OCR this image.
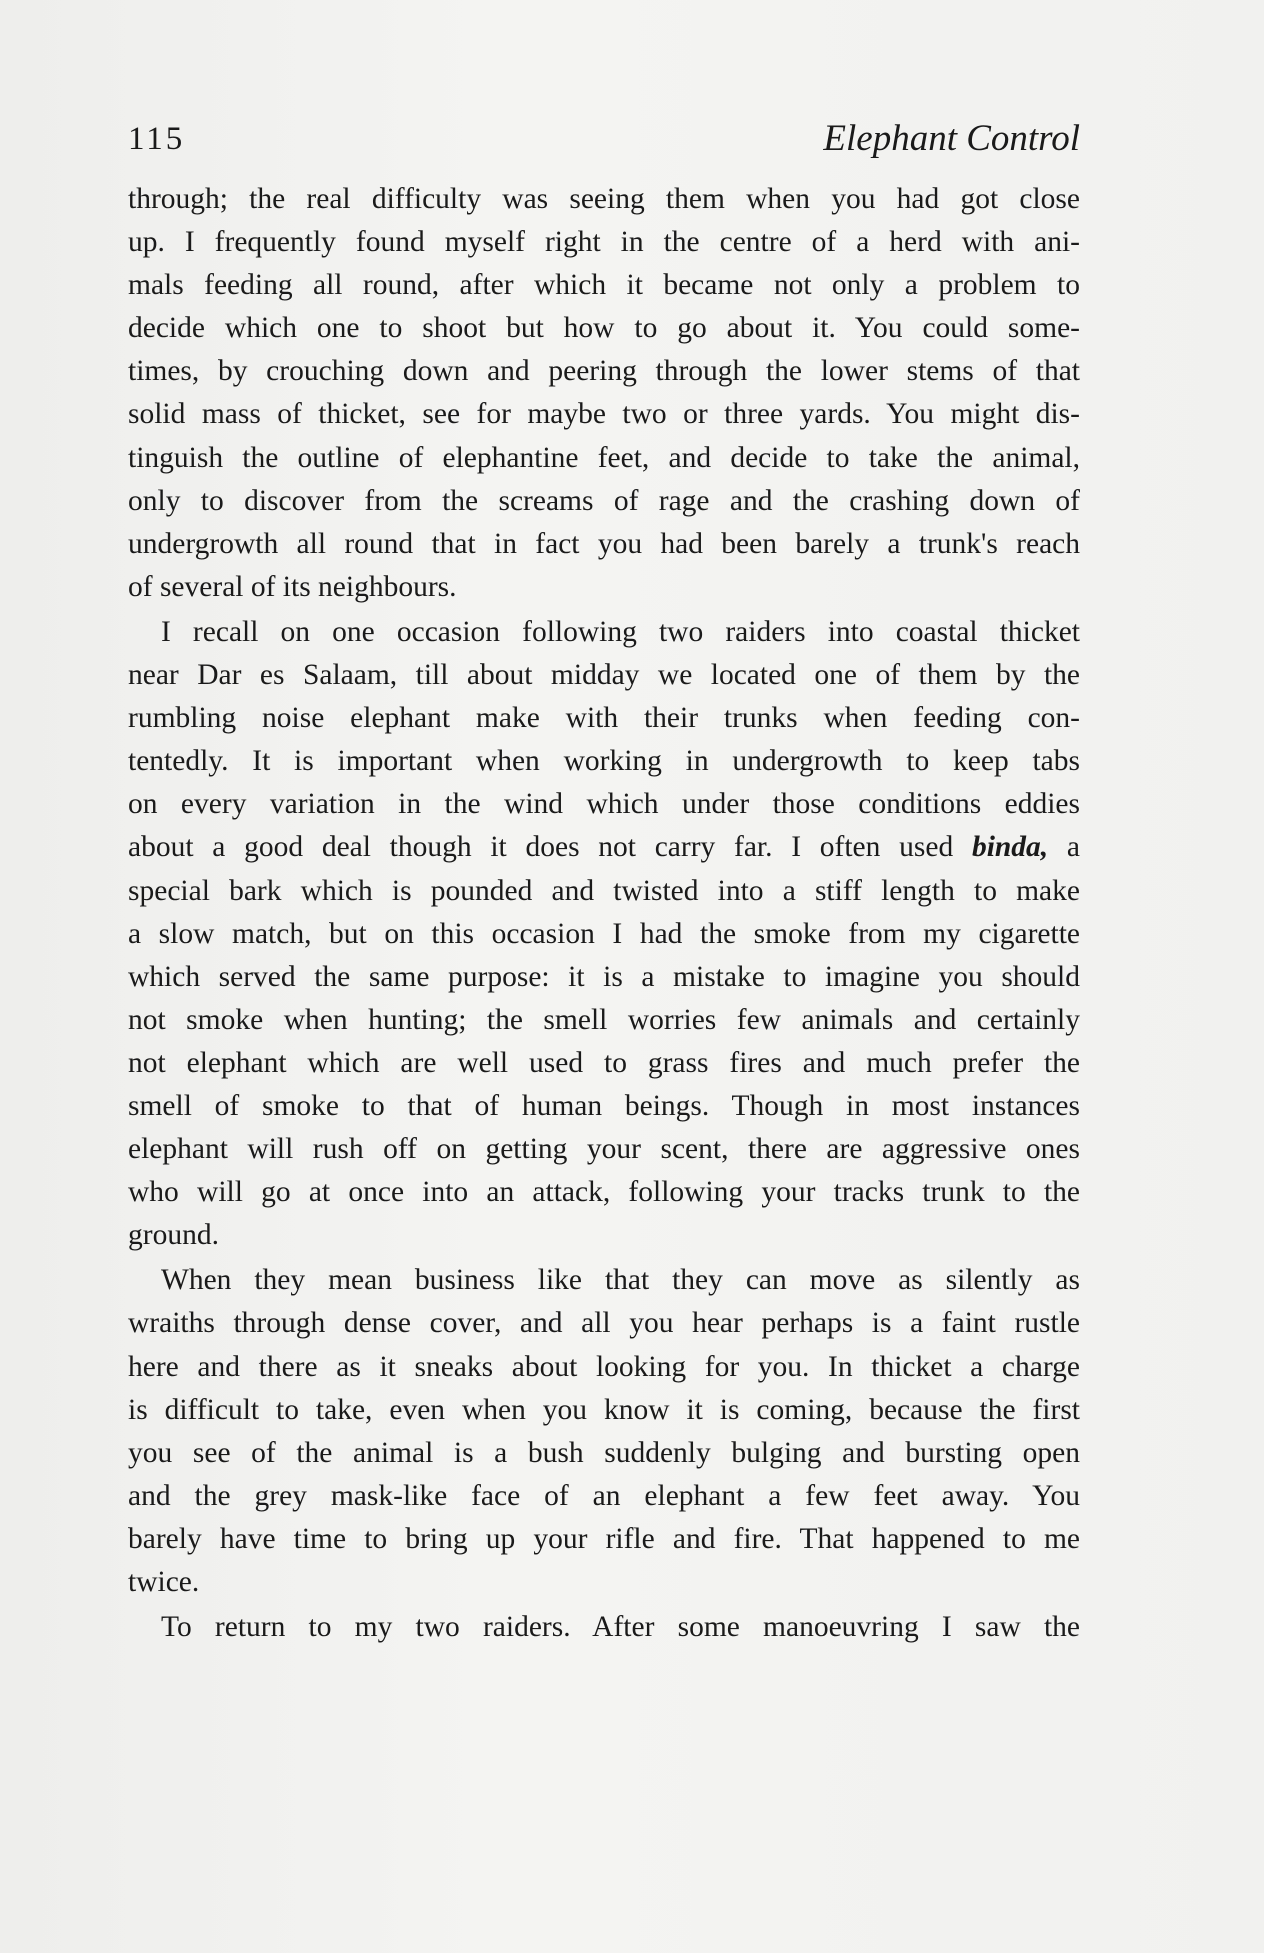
115	Elephant Control

through; the real difficulty was seeing them when you had got close
up. I frequently found myself right in the centre of a herd with ani-
mals feeding all round, after which it became not only a problem to
decide which one to shoot but how to go about it. You could some-
times, by crouching down and peering through the lower stems of that
solid mass of thicket, see for maybe two or three yards. You might dis-
tinguish the outline of elephantine feet, and decide to take the animal,
only to discover from the screams of rage and the crashing down of
undergrowth all round that in fact you had been barely a trunk's reach
of several of its neighbours.

I recall on one occasion following two raiders into coastal thicket
near Dar es Salaam, till about midday we located one of them by the
rumbling noise elephant make with their trunks when feeding con-
tentedly. It is important when working in undergrowth to keep tabs
on every variation in the wind which under those conditions eddies
about a good deal though it does not carry far. I often used binda, a
special bark which is pounded and twisted into a stiff length to make
a slow match, but on this occasion I had the smoke from my cigarette
which served the same purpose: it is a mistake to imagine you should
not smoke when hunting; the smell worries few animals and certainly
not elephant which are well used to grass fires and much prefer the
smell of smoke to that of human beings. Though in most instances
elephant will rush off on getting your scent, there are aggressive ones
who will go at once into an attack, following your tracks trunk to the
ground.

When they mean business like that they can move as silently as
wraiths through dense cover, and all you hear perhaps is a faint rustle
here and there as it sneaks about looking for you. In thicket a charge
is difficult to take, even when you know it is coming, because the first
you see of the animal is a bush suddenly bulging and bursting open
and the grey mask-like face of an elephant a few feet away. You
barely have time to bring up your rifle and fire. That happened to me
twice.

To return to my two raiders. After some manoeuvring I saw the
